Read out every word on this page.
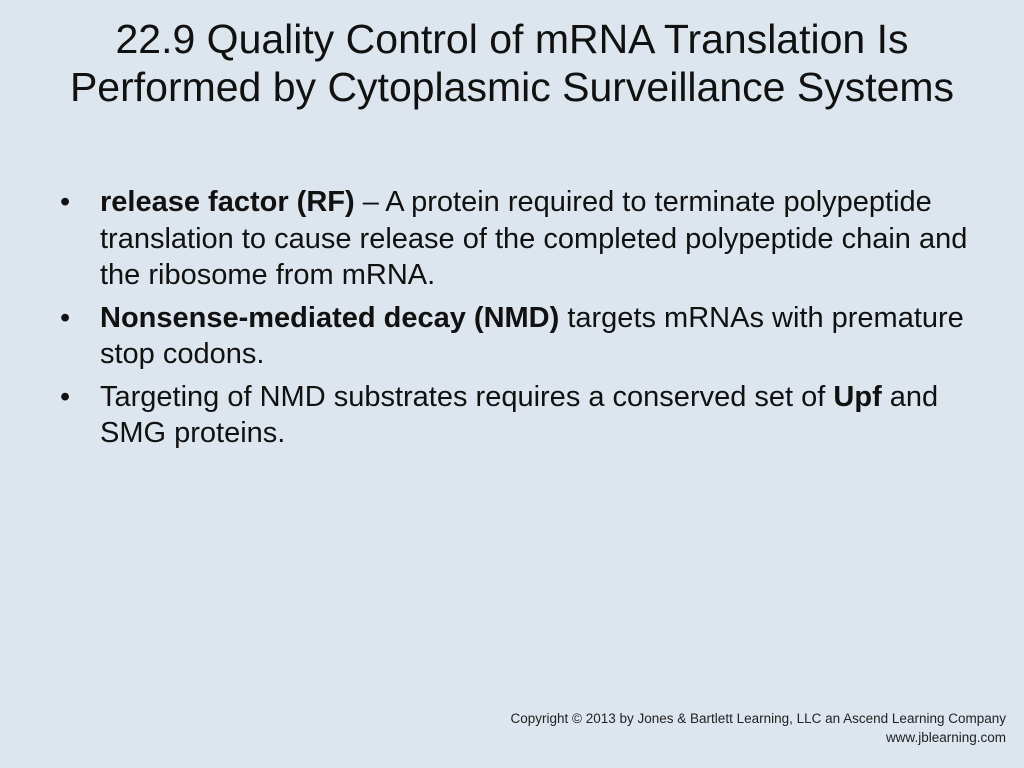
22.9 Quality Control of mRNA Translation Is Performed by Cytoplasmic Surveillance Systems
• release factor (RF) – A protein required to terminate polypeptide translation to cause release of the completed polypeptide chain and the ribosome from mRNA.
• Nonsense-mediated decay (NMD) targets mRNAs with premature stop codons.
• Targeting of NMD substrates requires a conserved set of Upf and SMG proteins.
Copyright © 2013 by Jones & Bartlett Learning, LLC an Ascend Learning Company
www.jblearning.com
